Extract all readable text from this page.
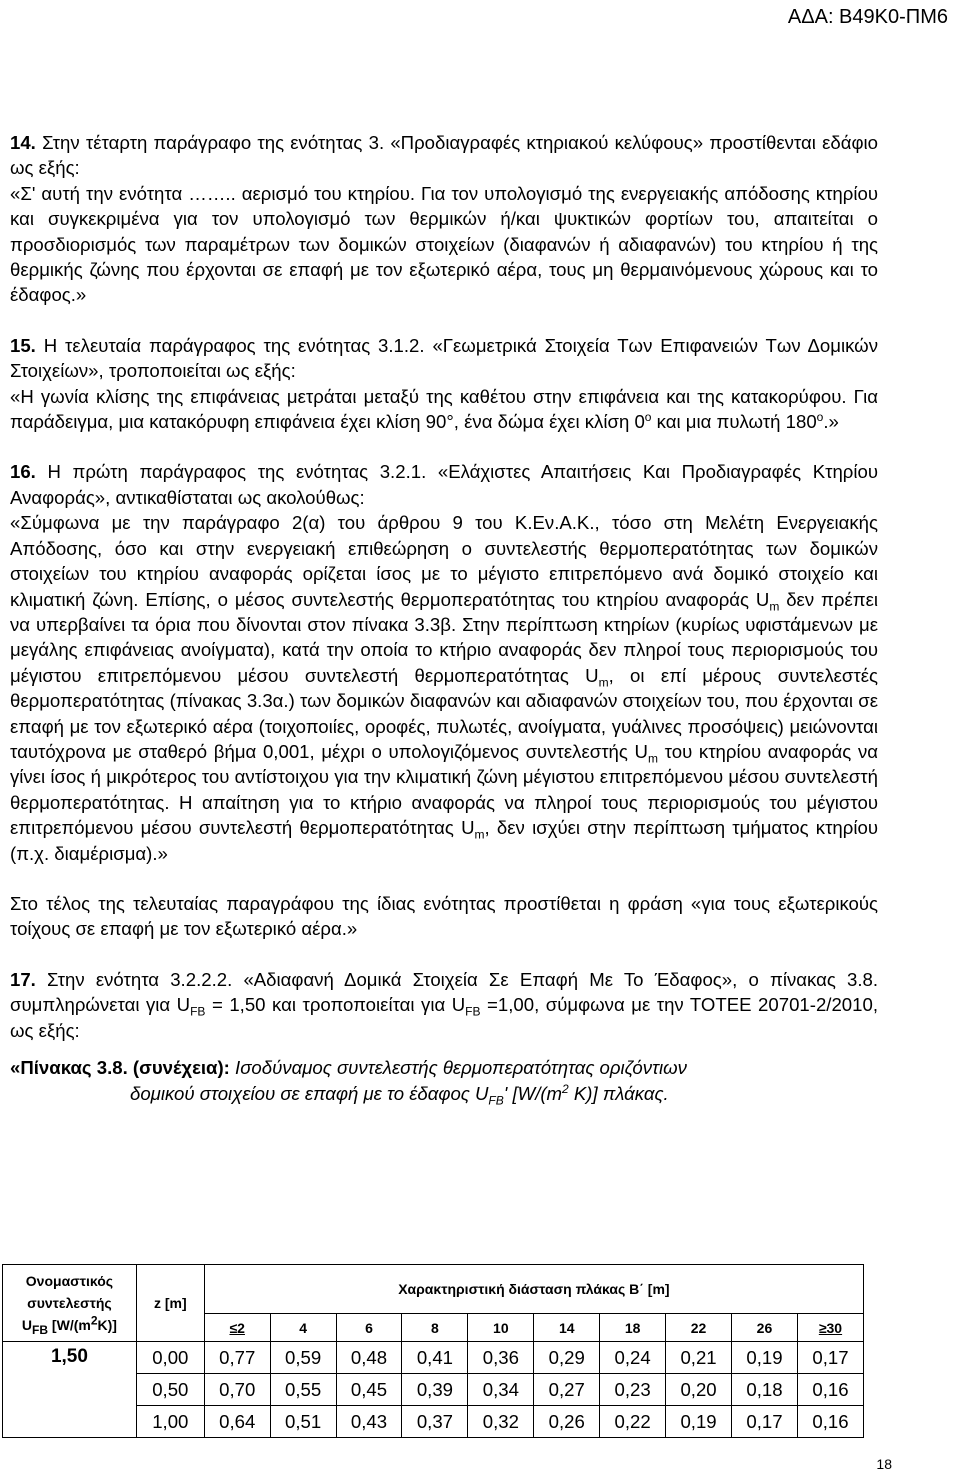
ΑΔΑ: Β49Κ0-ΠΜ6

14. Στην τέταρτη παράγραφο της ενότητας 3. «Προδιαγραφές κτηριακού κελύφους» προστίθενται εδάφιο ως εξής:
«Σ' αυτή την ενότητα …….. αερισμό του κτηρίου. Για τον υπολογισμό της ενεργειακής απόδοσης κτηρίου και συγκεκριμένα για τον υπολογισμό των θερμικών ή/και ψυκτικών φορτίων του, απαιτείται ο προσδιορισμός των παραμέτρων των δομικών στοιχείων (διαφανών ή αδιαφανών) του κτηρίου ή της θερμικής ζώνης που έρχονται σε επαφή με τον εξωτερικό αέρα, τους μη θερμαινόμενους χώρους και το έδαφος.»

15. Η τελευταία παράγραφος της ενότητας 3.1.2. «Γεωμετρικά Στοιχεία Των Επιφανειών Των Δομικών Στοιχείων», τροποποιείται ως εξής:
«Η γωνία κλίσης της επιφάνειας μετράται μεταξύ της καθέτου στην επιφάνεια και της κατακορύφου. Για παράδειγμα, μια κατακόρυφη επιφάνεια έχει κλίση 90°, ένα δώμα έχει κλίση $0^o$ και μια πυλωτή $180^o$.»

16. Η πρώτη παράγραφος της ενότητας 3.2.1. «Ελάχιστες Απαιτήσεις Και Προδιαγραφές Κτηρίου Αναφοράς», αντικαθίσταται ως ακολούθως:
«Σύμφωνα με την παράγραφο 2(α) του άρθρου 9 του Κ.Εν.Α.Κ., τόσο στη Μελέτη Ενεργειακής Απόδοσης, όσο και στην ενεργειακή επιθεώρηση ο συντελεστής θερμοπερατότητας των δομικών στοιχείων του κτηρίου αναφοράς ορίζεται ίσος με το μέγιστο επιτρεπόμενο ανά δομικό στοιχείο και κλιματική ζώνη. Επίσης, ο μέσος συντελεστής θερμοπερατότητας του κτηρίου αναφοράς $U_m$ δεν πρέπει να υπερβαίνει τα όρια που δίνονται στον πίνακα 3.3β. Στην περίπτωση κτηρίων (κυρίως υφιστάμενων με μεγάλης επιφάνειας ανοίγματα), κατά την οποία το κτήριο αναφοράς δεν πληροί τους περιορισμούς του μέγιστου επιτρεπόμενου μέσου συντελεστή θερμοπερατότητας $U_m$, οι επί μέρους συντελεστές θερμοπερατότητας (πίνακας 3.3α.) των δομικών διαφανών και αδιαφανών στοιχείων του, που έρχονται σε επαφή με τον εξωτερικό αέρα (τοιχοποιίες, οροφές, πυλωτές, ανοίγματα, γυάλινες προσόψεις) μειώνονται ταυτόχρονα με σταθερό βήμα 0,001, μέχρι ο υπολογιζόμενος συντελεστής $U_m$ του κτηρίου αναφοράς να γίνει ίσος ή μικρότερος του αντίστοιχου για την κλιματική ζώνη μέγιστου επιτρεπόμενου μέσου συντελεστή θερμοπερατότητας. Η απαίτηση για το κτήριο αναφοράς να πληροί τους περιορισμούς του μέγιστου επιτρεπόμενου μέσου συντελεστή θερμοπερατότητας $U_m$, δεν ισχύει στην περίπτωση τμήματος κτηρίου (π.χ. διαμέρισμα).»

Στο τέλος της τελευταίας παραγράφου της ίδιας ενότητας προστίθεται η φράση «για τους εξωτερικούς τοίχους σε επαφή με τον εξωτερικό αέρα.»

17. Στην ενότητα 3.2.2.2. «Αδιαφανή Δομικά Στοιχεία Σε Επαφή Με Το Έδαφος», ο πίνακας 3.8. συμπληρώνεται για $U_{FB} = 1,50$ και τροποποιείται για $U_{FB} =1,00$, σύμφωνα με την ΤΟΤΕΕ 20701-2/2010, ως εξής:

«Πίνακας 3.8. (συνέχεια): Ισοδύναμος συντελεστής θερμοπερατότητας οριζόντιων

δομικού στοιχείου σε επαφή με το έδαφος $U_{FB}'$ [$W/(m^2$ K)] πλάκας.

Ονομαστικός
συντελεστής
$U_{FB}$ $[W/(m^2K)]$	z [m]	Χαρακτηριστική διάσταση πλάκας Β΄ [m]									
		≤2	4	6	8	10	14	18	22	26	≥30
1,50	0,00	0,77	0,59	0,48	0,41	0,36	0,29	0,24	0,21	0,19	0,17
	0,50	0,70	0,55	0,45	0,39	0,34	0,27	0,23	0,20	0,18	0,16
	1,00	0,64	0,51	0,43	0,37	0,32	0,26	0,22	0,19	0,17	0,16
18
